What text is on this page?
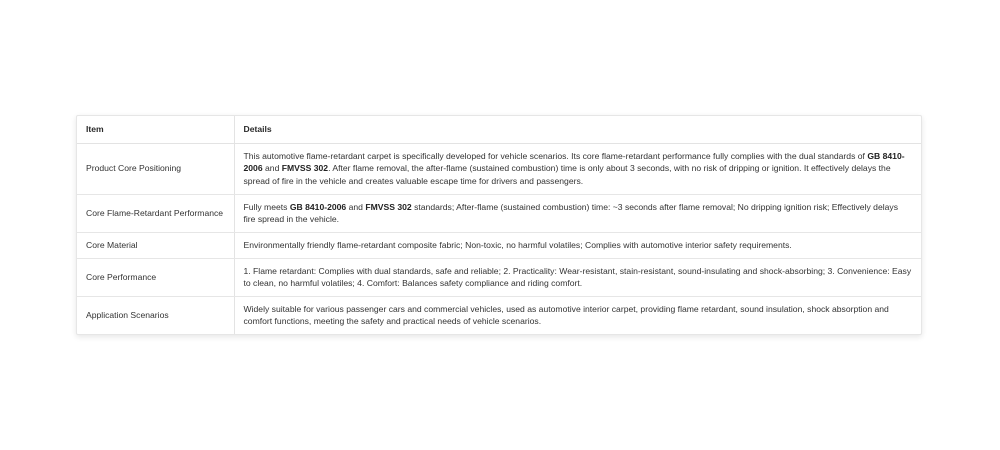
Item	Details
Product Core Positioning	This automotive flame-retardant carpet is specifically developed for vehicle scenarios. Its core flame-retardant performance fully complies with the dual standards of GB 8410-2006 and FMVSS 302. After flame removal, the after-flame (sustained combustion) time is only about 3 seconds, with no risk of dripping or ignition. It effectively delays the spread of fire in the vehicle and creates valuable escape time for drivers and passengers.
Core Flame-Retardant Performance	Fully meets GB 8410-2006 and FMVSS 302 standards; After-flame (sustained combustion) time: ~3 seconds after flame removal; No dripping ignition risk; Effectively delays fire spread in the vehicle.
Core Material	Environmentally friendly flame-retardant composite fabric; Non-toxic, no harmful volatiles; Complies with automotive interior safety requirements.
Core Performance	1. Flame retardant: Complies with dual standards, safe and reliable; 2. Practicality: Wear-resistant, stain-resistant, sound-insulating and shock-absorbing; 3. Convenience: Easy to clean, no harmful volatiles; 4. Comfort: Balances safety compliance and riding comfort.
Application Scenarios	Widely suitable for various passenger cars and commercial vehicles, used as automotive interior carpet, providing flame retardant, sound insulation, shock absorption and comfort functions, meeting the safety and practical needs of vehicle scenarios.
